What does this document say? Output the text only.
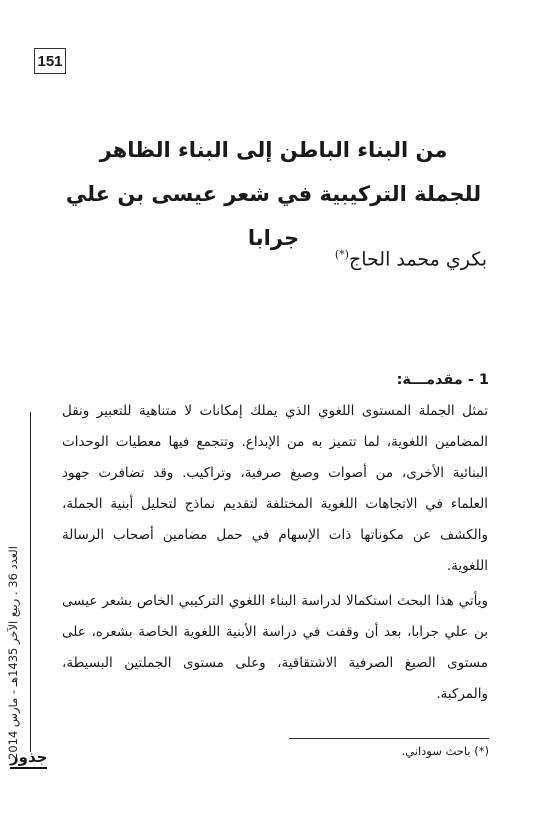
151
من البناء الباطن إلى البناء الظاهر
للجملة التركيبية في شعر عيسى بن علي جرابا
بكري محمد الحاج(*)
1 - مقدمـــة:

تمثل الجملة المستوى اللغوي الذي يملك إمكانات لا متناهية للتعبير ونقل المضامين اللغوية، لما تتميز به من الإبداع. وتتجمع فيها معطيات الوحدات البنائية الأخرى، من أصوات وصيغ صرفية، وتراكيب. وقد تضافرت جهود العلماء في الاتجاهات اللغوية المختلفة لتقديم نماذج لتحليل أبنية الجملة، والكشف عن مكوناتها ذات الإسهام في حمل مضامين أصحاب الرسالة اللغوية.

ويأتي هذا البحث استكمالا لدراسة البناء اللغوي التركيبي الخاص بشعر عيسى بن علي جرابا، بعد أن وقفت في دراسة الأبنية اللغوية الخاصة بشعره، على مستوى الصيغ الصرفية الاشتقاقية، وعلى مستوى الجملتين البسيطة، والمركبة.

(*) باحث سوداني.
العدد 36 . ربيع الآخر 1435هـ - مارس 2014
جذور
